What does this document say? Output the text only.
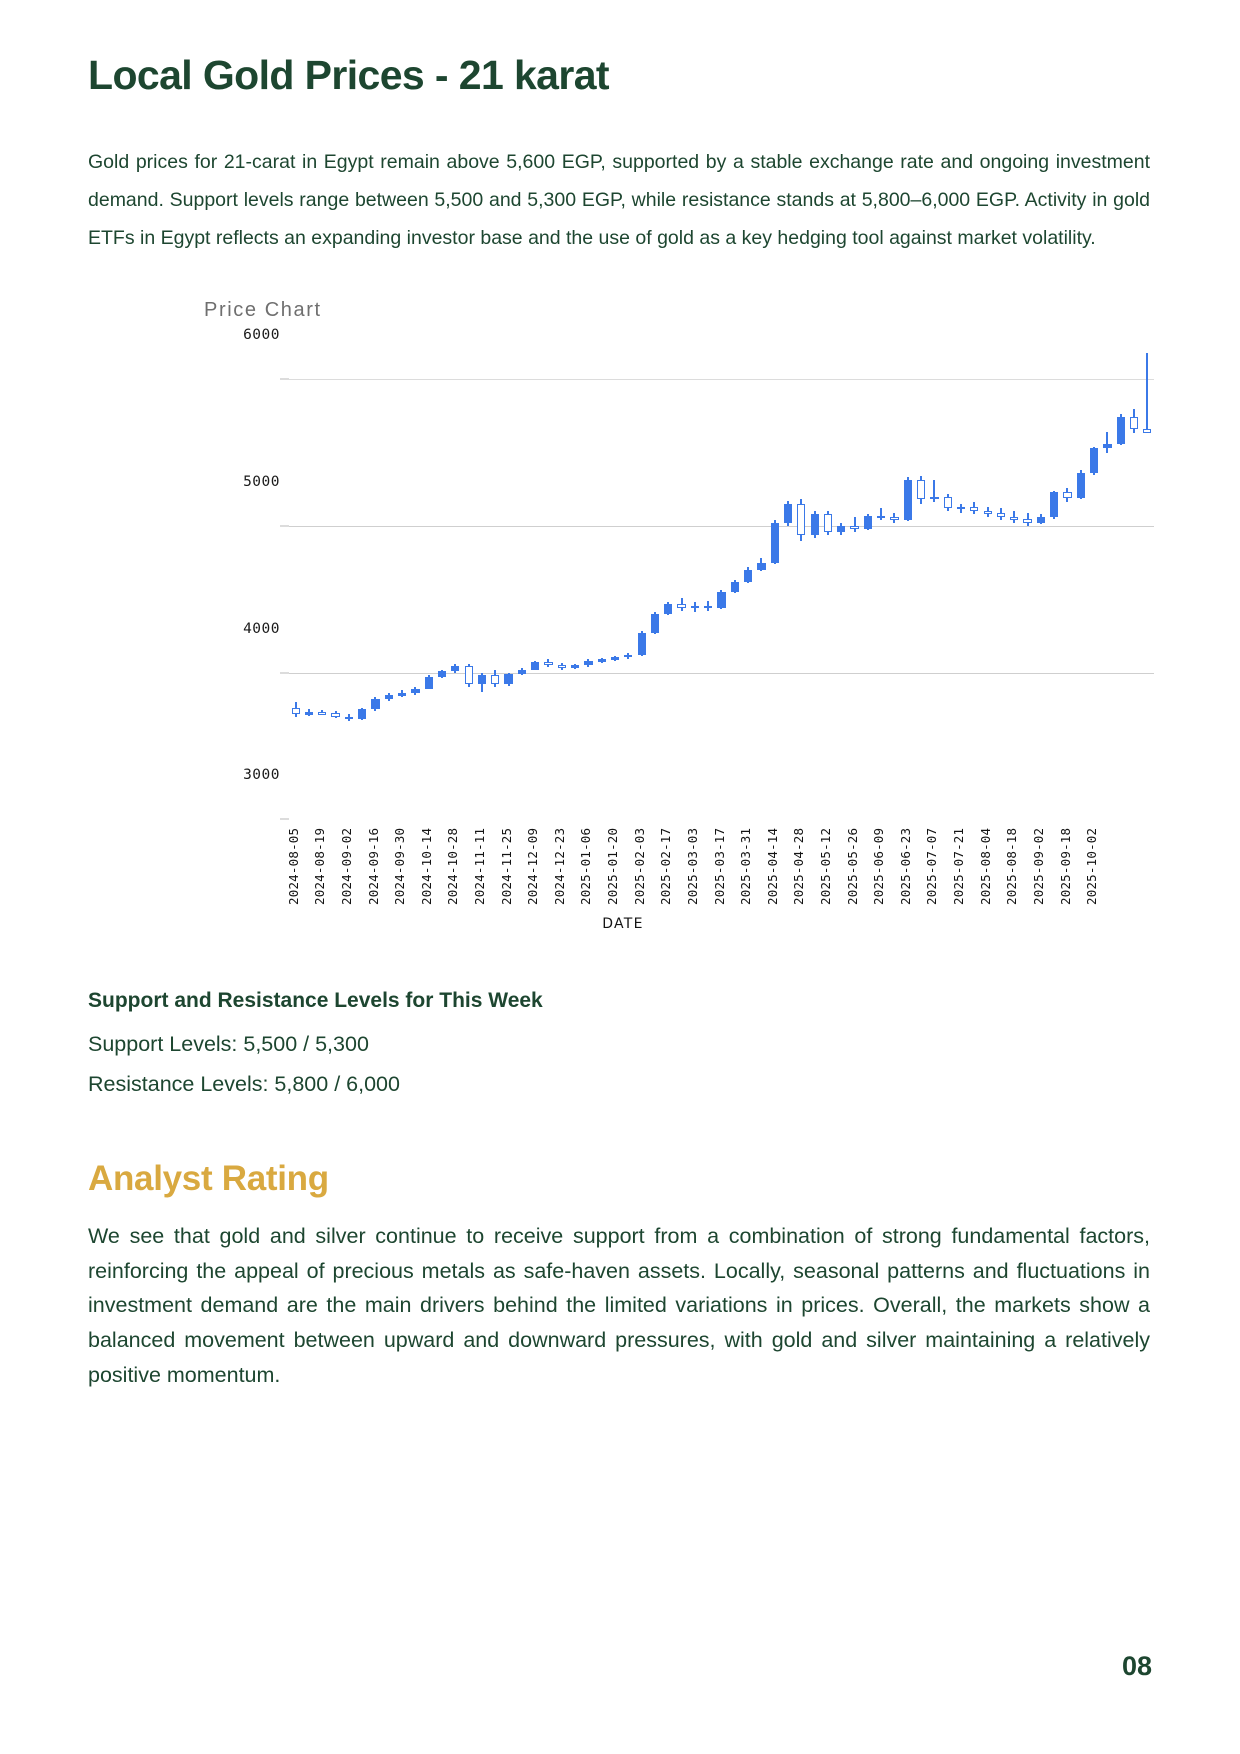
Local Gold Prices - 21 karat

Gold prices for 21-carat in Egypt remain above 5,600 EGP, supported by a stable exchange rate and ongoing investment demand. Support levels range between 5,500 and 5,300 EGP, while resistance stands at 5,800–6,000 EGP. Activity in gold ETFs in Egypt reflects an expanding investor base and the use of gold as a key hedging tool against market volatility.

Price Chart
3000
4000
5000
6000
2024-08-05 2024-08-19 2024-09-02 2024-09-16 2024-09-30 2024-10-14 2024-10-28 2024-11-11 2024-11-25 2024-12-09 2024-12-23 2025-01-06 2025-01-20 2025-02-03 2025-02-17 2025-03-03 2025-03-17 2025-03-31 2025-04-14 2025-04-28 2025-05-12 2025-05-26 2025-06-09 2025-06-23 2025-07-07 2025-07-21 2025-08-04 2025-08-18 2025-09-02 2025-09-18 2025-10-02
DATE
Support and Resistance Levels for This Week
Support Levels: 5,500 / 5,300
Resistance Levels: 5,800 / 6,000
Analyst Rating

We see that gold and silver continue to receive support from a combination of strong fundamental factors, reinforcing the appeal of precious metals as safe-haven assets. Locally, seasonal patterns and fluctuations in investment demand are the main drivers behind the limited variations in prices. Overall, the markets show a balanced movement between upward and downward pressures, with gold and silver maintaining a relatively positive momentum.

08
